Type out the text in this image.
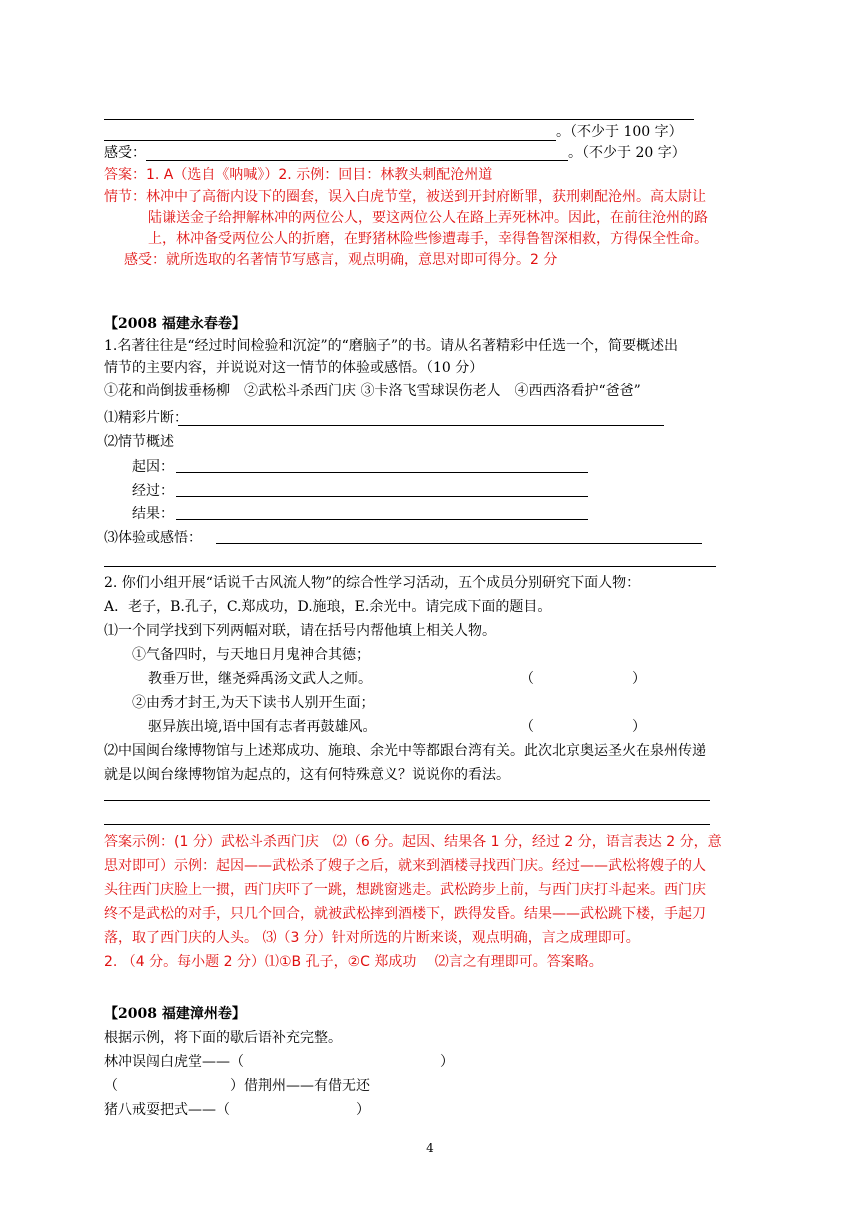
。（不少于 100 字）
感受：	。（不少于 20 字）
答案：1. A（选自《呐喊》）2. 示例：回目：林教头刺配沧州道
情节：林冲中了高衙内设下的圈套，误入白虎节堂，被送到开封府断罪，获刑刺配沧州。高太尉让
陆谦送金子给押解林冲的两位公人，要这两位公人在路上弄死林冲。因此，在前往沧州的路
上，林冲备受两位公人的折磨，在野猪林险些惨遭毒手，幸得鲁智深相救，方得保全性命。
感受：就所选取的名著情节写感言，观点明确，意思对即可得分。2 分
【2008 福建永春卷】
1.名著往往是“经过时间检验和沉淀”的“磨脑子”的书。请从名著精彩中任选一个，简要概述出
情节的主要内容，并说说对这一情节的体验或感悟。（10 分）
①花和尚倒拔垂杨柳　②武松斗杀西门庆 ③卡洛飞雪球误伤老人　④西西洛看护“爸爸”
⑴精彩片断：
⑵情节概述
起因：
经过：
结果：
⑶体验或感悟：
2. 你们小组开展“话说千古风流人物”的综合性学习活动，五个成员分别研究下面人物：
A．老子，B.孔子，C.郑成功，D.施琅，E.余光中。请完成下面的题目。
⑴一个同学找到下列两幅对联，请在括号内帮他填上相关人物。
①气备四时，与天地日月鬼神合其德；
教垂万世，继尧舜禹汤文武人之师。	（　　　　　　　）
②由秀才封王,为天下读书人别开生面；
驱异族出境,语中国有志者再鼓雄风。	（　　　　　　　）
⑵中国闽台缘博物馆与上述郑成功、施琅、余光中等都跟台湾有关。此次北京奥运圣火在泉州传递
就是以闽台缘博物馆为起点的，这有何特殊意义？说说你的看法。
答案示例：(1 分）武松斗杀西门庆　⑵（6 分。起因、结果各 1 分，经过 2 分，语言表达 2 分，意
思对即可）示例：起因——武松杀了嫂子之后，就来到酒楼寻找西门庆。经过——武松将嫂子的人
头往西门庆脸上一掼，西门庆吓了一跳，想跳窗逃走。武松跨步上前，与西门庆打斗起来。西门庆
终不是武松的对手，只几个回合，就被武松摔到酒楼下，跌得发昏。结果——武松跳下楼，手起刀
落，取了西门庆的人头。 ⑶（3 分）针对所选的片断来谈，观点明确，言之成理即可。
2. （4 分。每小题 2 分）⑴①B 孔子，②C 郑成功　 ⑵言之有理即可。答案略。
【2008 福建漳州卷】
根据示例，将下面的歇后语补充完整。
林冲误闯白虎堂——（　　　　　　　　　　　　　　）
（　　　　　　　　）借荆州——有借无还
猪八戒耍把式——（　　　　　　　　　）
4
